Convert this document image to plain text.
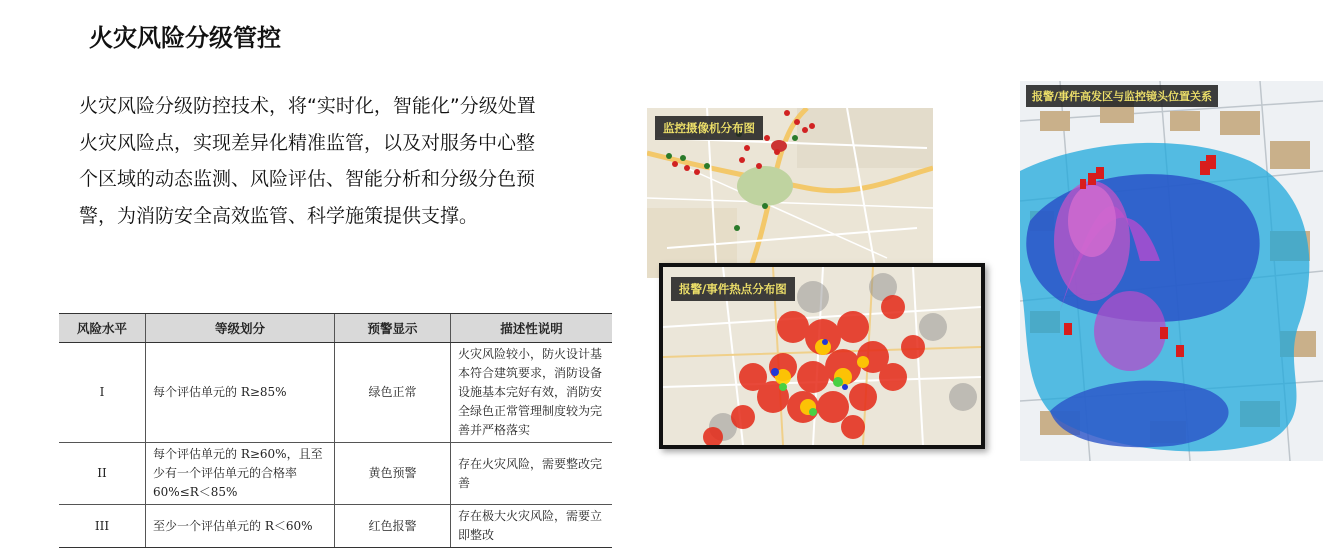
火灾风险分级管控
火灾风险分级防控技术，将“实时化，智能化”分级处置火灾风险点，实现差异化精准监管，以及对服务中心整个区域的动态监测、风险评估、智能分析和分级分色预警，为消防安全高效监管、科学施策提供支撑。
风险水平	等级划分	预警显示	描述性说明
I	每个评估单元的 R≥85%	绿色正常	火灾风险较小，防火设计基本符合建筑要求，消防设备设施基本完好有效，消防安全绿色正常管理制度较为完善并严格落实
II	每个评估单元的 R≥60%，且至少有一个评估单元的合格率 60%≤R＜85%	黄色预警	存在火灾风险，需要整改完善
III	至少一个评估单元的 R＜60%	红色报警	存在极大火灾风险，需要立即整改
监控摄像机分布图
报警/事件热点分布图
报警/事件高发区与监控镜头位置关系
